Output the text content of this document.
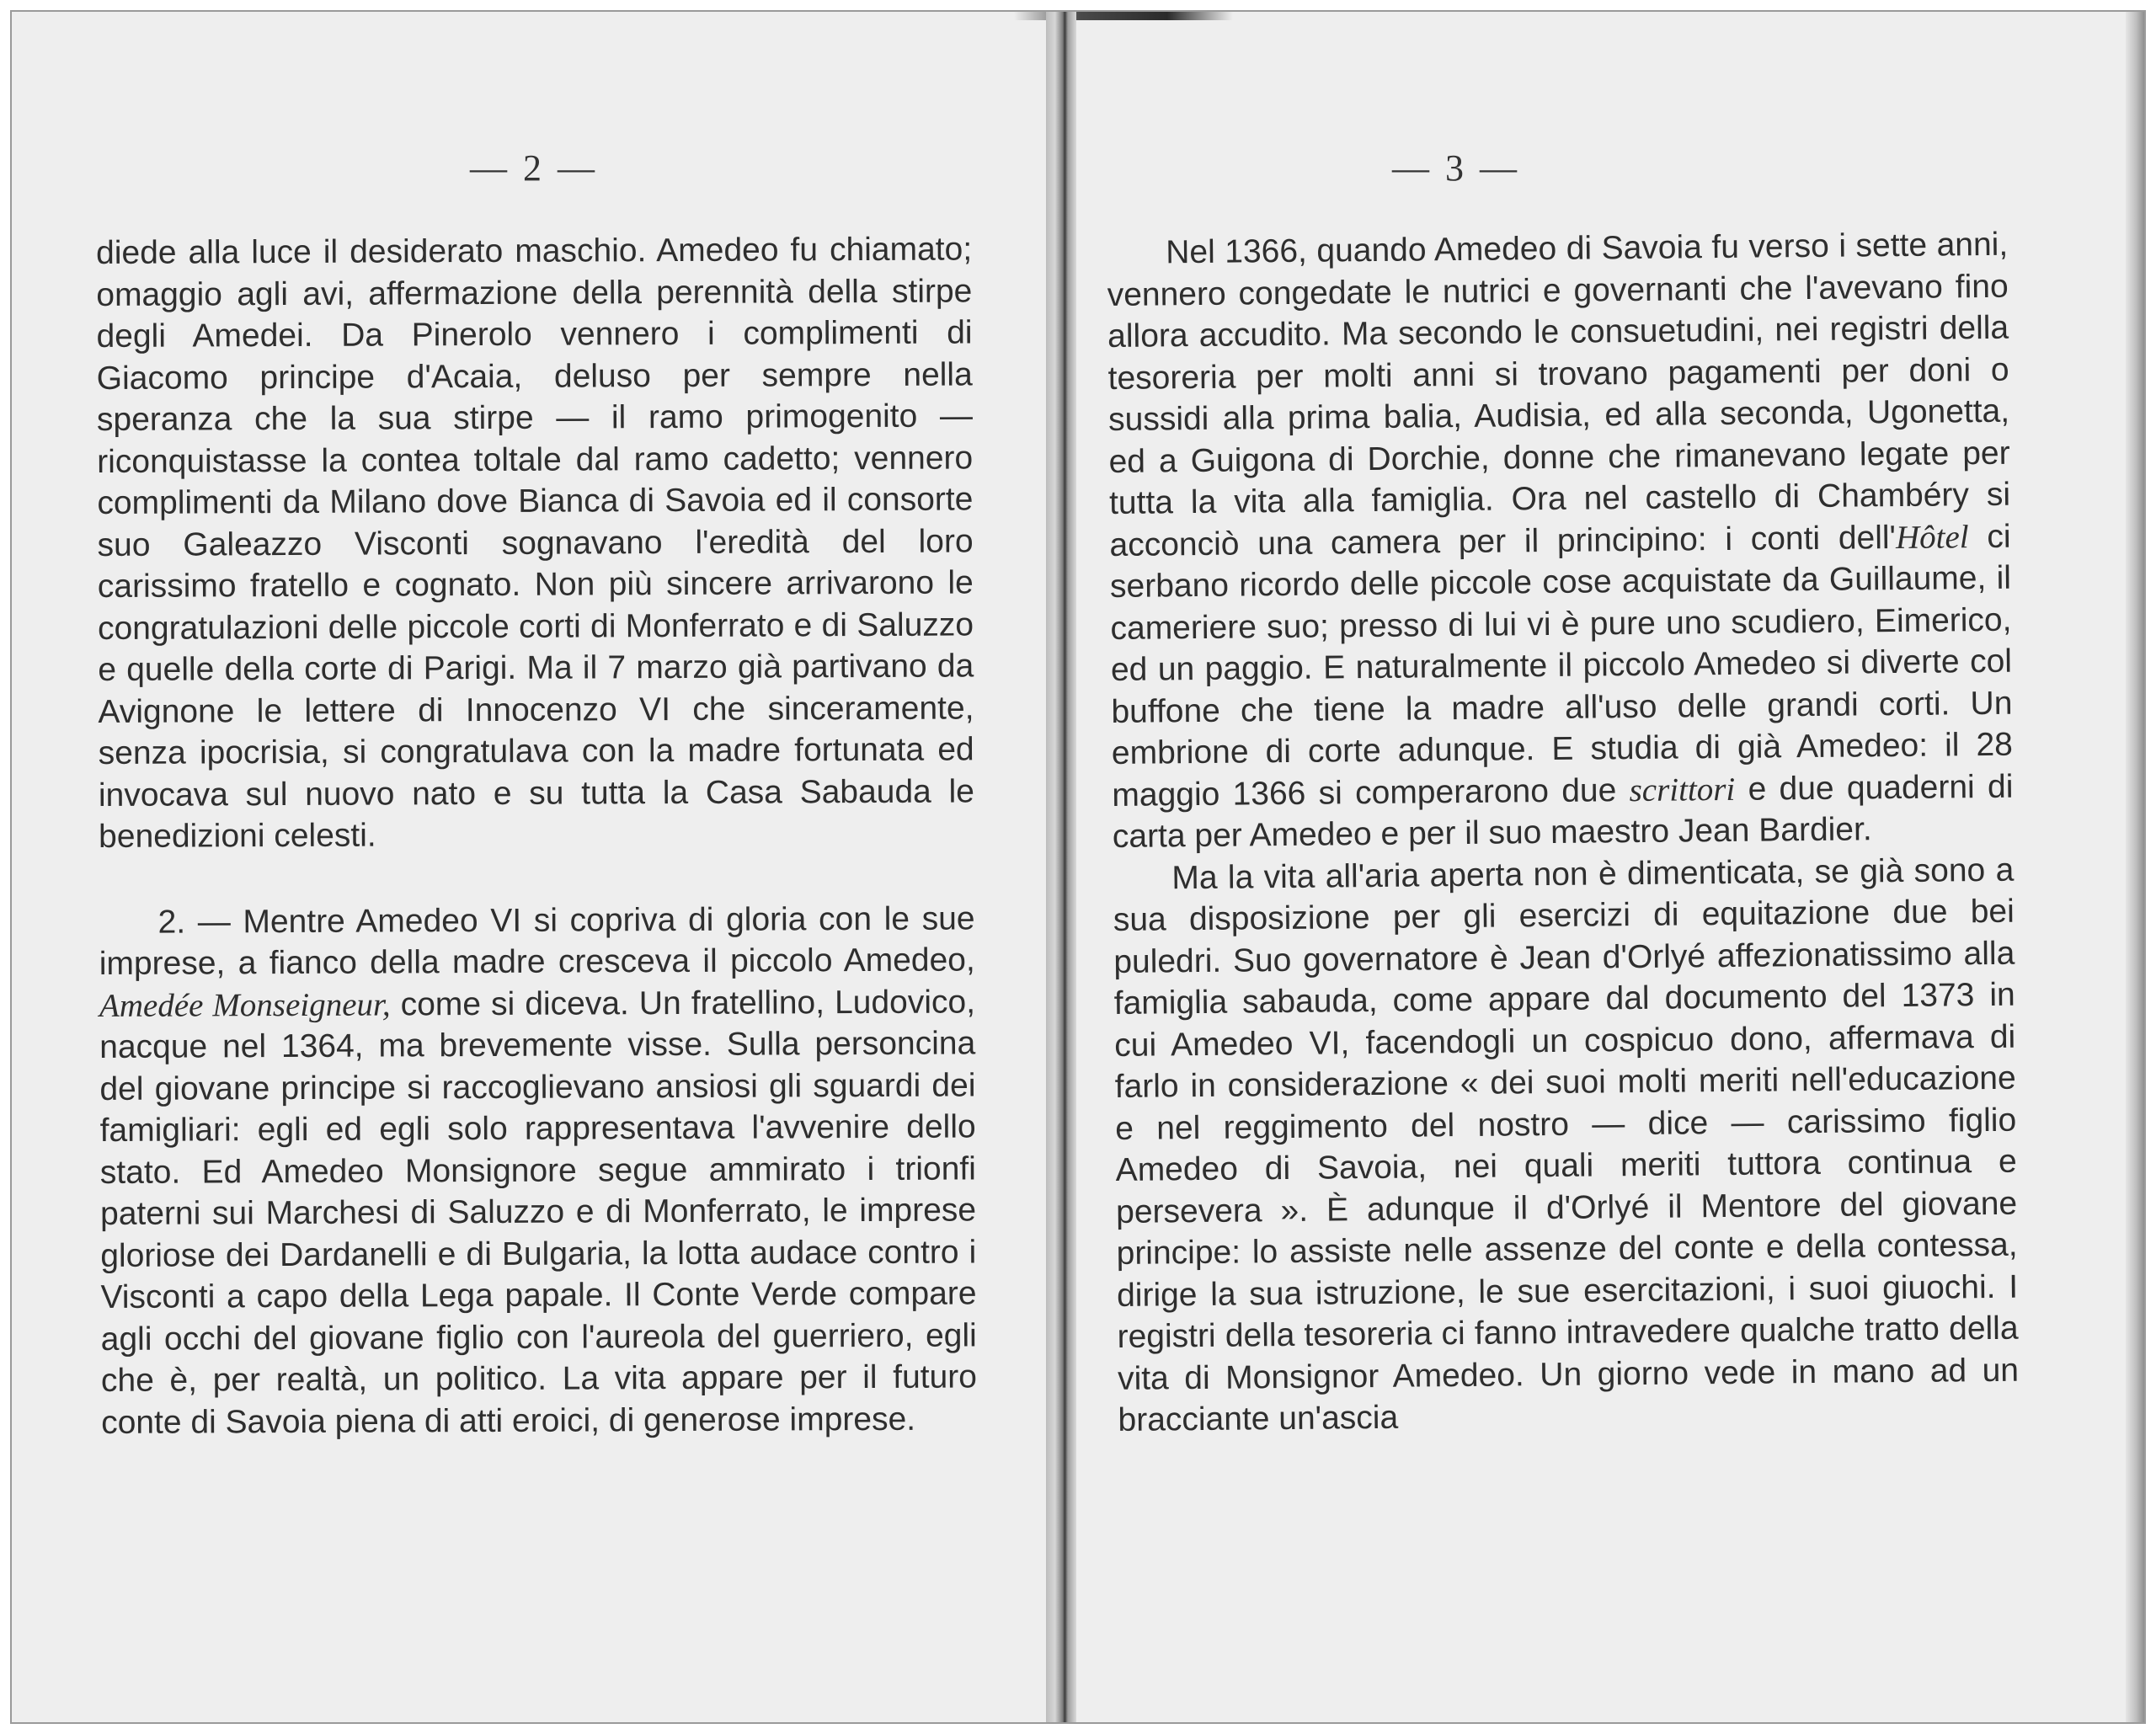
— 2 —

diede alla luce il desiderato maschio. Amedeo fu chiamato; omaggio agli avi, affermazione della perennità della stirpe degli Amedei. Da Pinerolo vennero i complimenti di Giacomo principe d'Acaia, deluso per sempre nella speranza che la sua stirpe — il ramo primogenito — riconquistasse la contea toltale dal ramo cadetto; vennero complimenti da Milano dove Bianca di Savoia ed il consorte suo Galeazzo Visconti sognavano l'eredità del loro carissimo fratello e cognato. Non più sincere arrivarono le congratulazioni delle piccole corti di Monferrato e di Saluzzo e quelle della corte di Parigi. Ma il 7 marzo già partivano da Avignone le lettere di Innocenzo VI che sinceramente, senza ipocrisia, si congratulava con la madre fortunata ed invocava sul nuovo nato e su tutta la Casa Sabauda le benedizioni celesti.

2. — Mentre Amedeo VI si copriva di gloria con le sue imprese, a fianco della madre cresceva il piccolo Amedeo, Amedée Monseigneur, come si diceva. Un fratellino, Ludovico, nacque nel 1364, ma brevemente visse. Sulla personcina del giovane principe si raccoglievano ansiosi gli sguardi dei famigliari: egli ed egli solo rappresentava l'avvenire dello stato. Ed Amedeo Monsignore segue ammirato i trionfi paterni sui Marchesi di Saluzzo e di Monferrato, le imprese gloriose dei Dardanelli e di Bulgaria, la lotta audace contro i Visconti a capo della Lega papale. Il Conte Verde compare agli occhi del giovane figlio con l'aureola del guerriero, egli che è, per realtà, un politico. La vita appare per il futuro conte di Savoia piena di atti eroici, di generose imprese.

— 3 —

Nel 1366, quando Amedeo di Savoia fu verso i sette anni, vennero congedate le nutrici e governanti che l'avevano fino allora accudito. Ma secondo le consuetudini, nei registri della tesoreria per molti anni si trovano pagamenti per doni o sussidi alla prima balia, Audisia, ed alla seconda, Ugonetta, ed a Guigona di Dorchie, donne che rimanevano legate per tutta la vita alla famiglia. Ora nel castello di Chambéry si acconciò una camera per il principino: i conti dell'Hôtel ci serbano ricordo delle piccole cose acquistate da Guillaume, il cameriere suo; presso di lui vi è pure uno scudiero, Eimerico, ed un paggio. E naturalmente il piccolo Amedeo si diverte col buffone che tiene la madre all'uso delle grandi corti. Un embrione di corte adunque. E studia di già Amedeo: il 28 maggio 1366 si comperarono due scrittori e due quaderni di carta per Amedeo e per il suo maestro Jean Bardier.

Ma la vita all'aria aperta non è dimenticata, se già sono a sua disposizione per gli esercizi di equitazione due bei puledri. Suo governatore è Jean d'Orlyé affezionatissimo alla famiglia sabauda, come appare dal documento del 1373 in cui Amedeo VI, facendogli un cospicuo dono, affermava di farlo in considerazione « dei suoi molti meriti nell'educazione e nel reggimento del nostro — dice — carissimo figlio Amedeo di Savoia, nei quali meriti tuttora continua e persevera ». È adunque il d'Orlyé il Mentore del giovane principe: lo assiste nelle assenze del conte e della contessa, dirige la sua istruzione, le sue esercitazioni, i suoi giuochi. I registri della tesoreria ci fanno intravedere qualche tratto della vita di Monsignor Amedeo. Un giorno vede in mano ad un bracciante un'ascia
